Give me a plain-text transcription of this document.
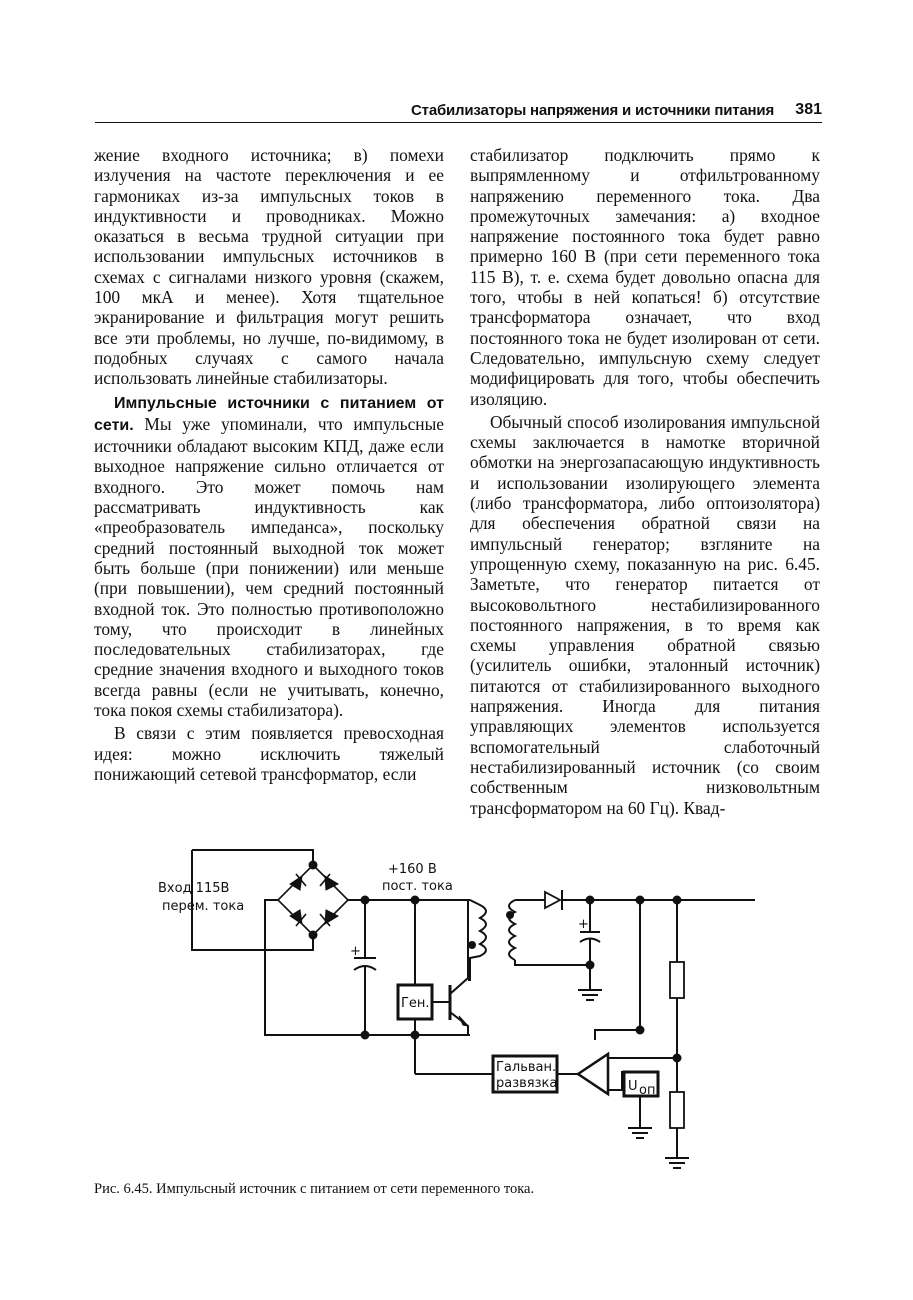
Стабилизаторы напряжения и источники питания 381

жение входного источника; в) помехи излучения на частоте переключения и ее гармониках из-за импульсных токов в индуктивности и проводниках. Можно оказаться в весьма трудной ситуации при использовании импульсных источников в схемах с сигналами низкого уровня (скажем, 100 мкА и менее). Хотя тщательное экранирование и фильтрация могут решить все эти проблемы, но лучше, по-видимому, в подобных случаях с самого начала использовать линейные стабилизаторы.

Импульсные источники с питанием от сети. Мы уже упоминали, что импульсные источники обладают высоким КПД, даже если выходное напряжение сильно отличается от входного. Это может помочь нам рассматривать индуктивность как «преобразователь импеданса», поскольку средний постоянный выходной ток может быть больше (при понижении) или меньше (при повышении), чем средний постоянный входной ток. Это полностью противоположно тому, что происходит в линейных последовательных стабилизаторах, где средние значения входного и выходного токов всегда равны (если не учитывать, конечно, тока покоя схемы стабилизатора).

В связи с этим появляется превосходная идея: можно исключить тяжелый понижающий сетевой трансформатор, если

стабилизатор подключить прямо к выпрямленному и отфильтрованному напряжению переменного тока. Два промежуточных замечания: а) входное напряжение постоянного тока будет равно примерно 160 В (при сети переменного тока 115 В), т. е. схема будет довольно опасна для того, чтобы в ней копаться! б) отсутствие трансформатора означает, что вход постоянного тока не будет изолирован от сети. Следовательно, импульсную схему следует модифицировать для того, чтобы обеспечить изоляцию.

Обычный способ изолирования импульсной схемы заключается в намотке вторичной обмотки на энергозапасающую индуктивность и использовании изолирующего элемента (либо трансформатора, либо оптоизолятора) для обеспечения обратной связи на импульсный генератор; взгляните на упрощенную схему, показанную на рис. 6.45. Заметьте, что генератор питается от высоковольтного нестабилизированного постоянного напряжения, в то время как схемы управления обратной связью (усилитель ошибки, эталонный источник) питаются от стабилизированного выходного напряжения. Иногда для питания управляющих элементов используется вспомогательный слаботочный нестабилизированный источник (со своим собственным низковольтным трансформатором на 60 Гц). Квад-

Вход 115В
перем. тока
+160 В
пост. тока
+
Ген.
+
U оп
Гальван.
развязка
Рис. 6.45. Импульсный источник с питанием от сети переменного тока.
